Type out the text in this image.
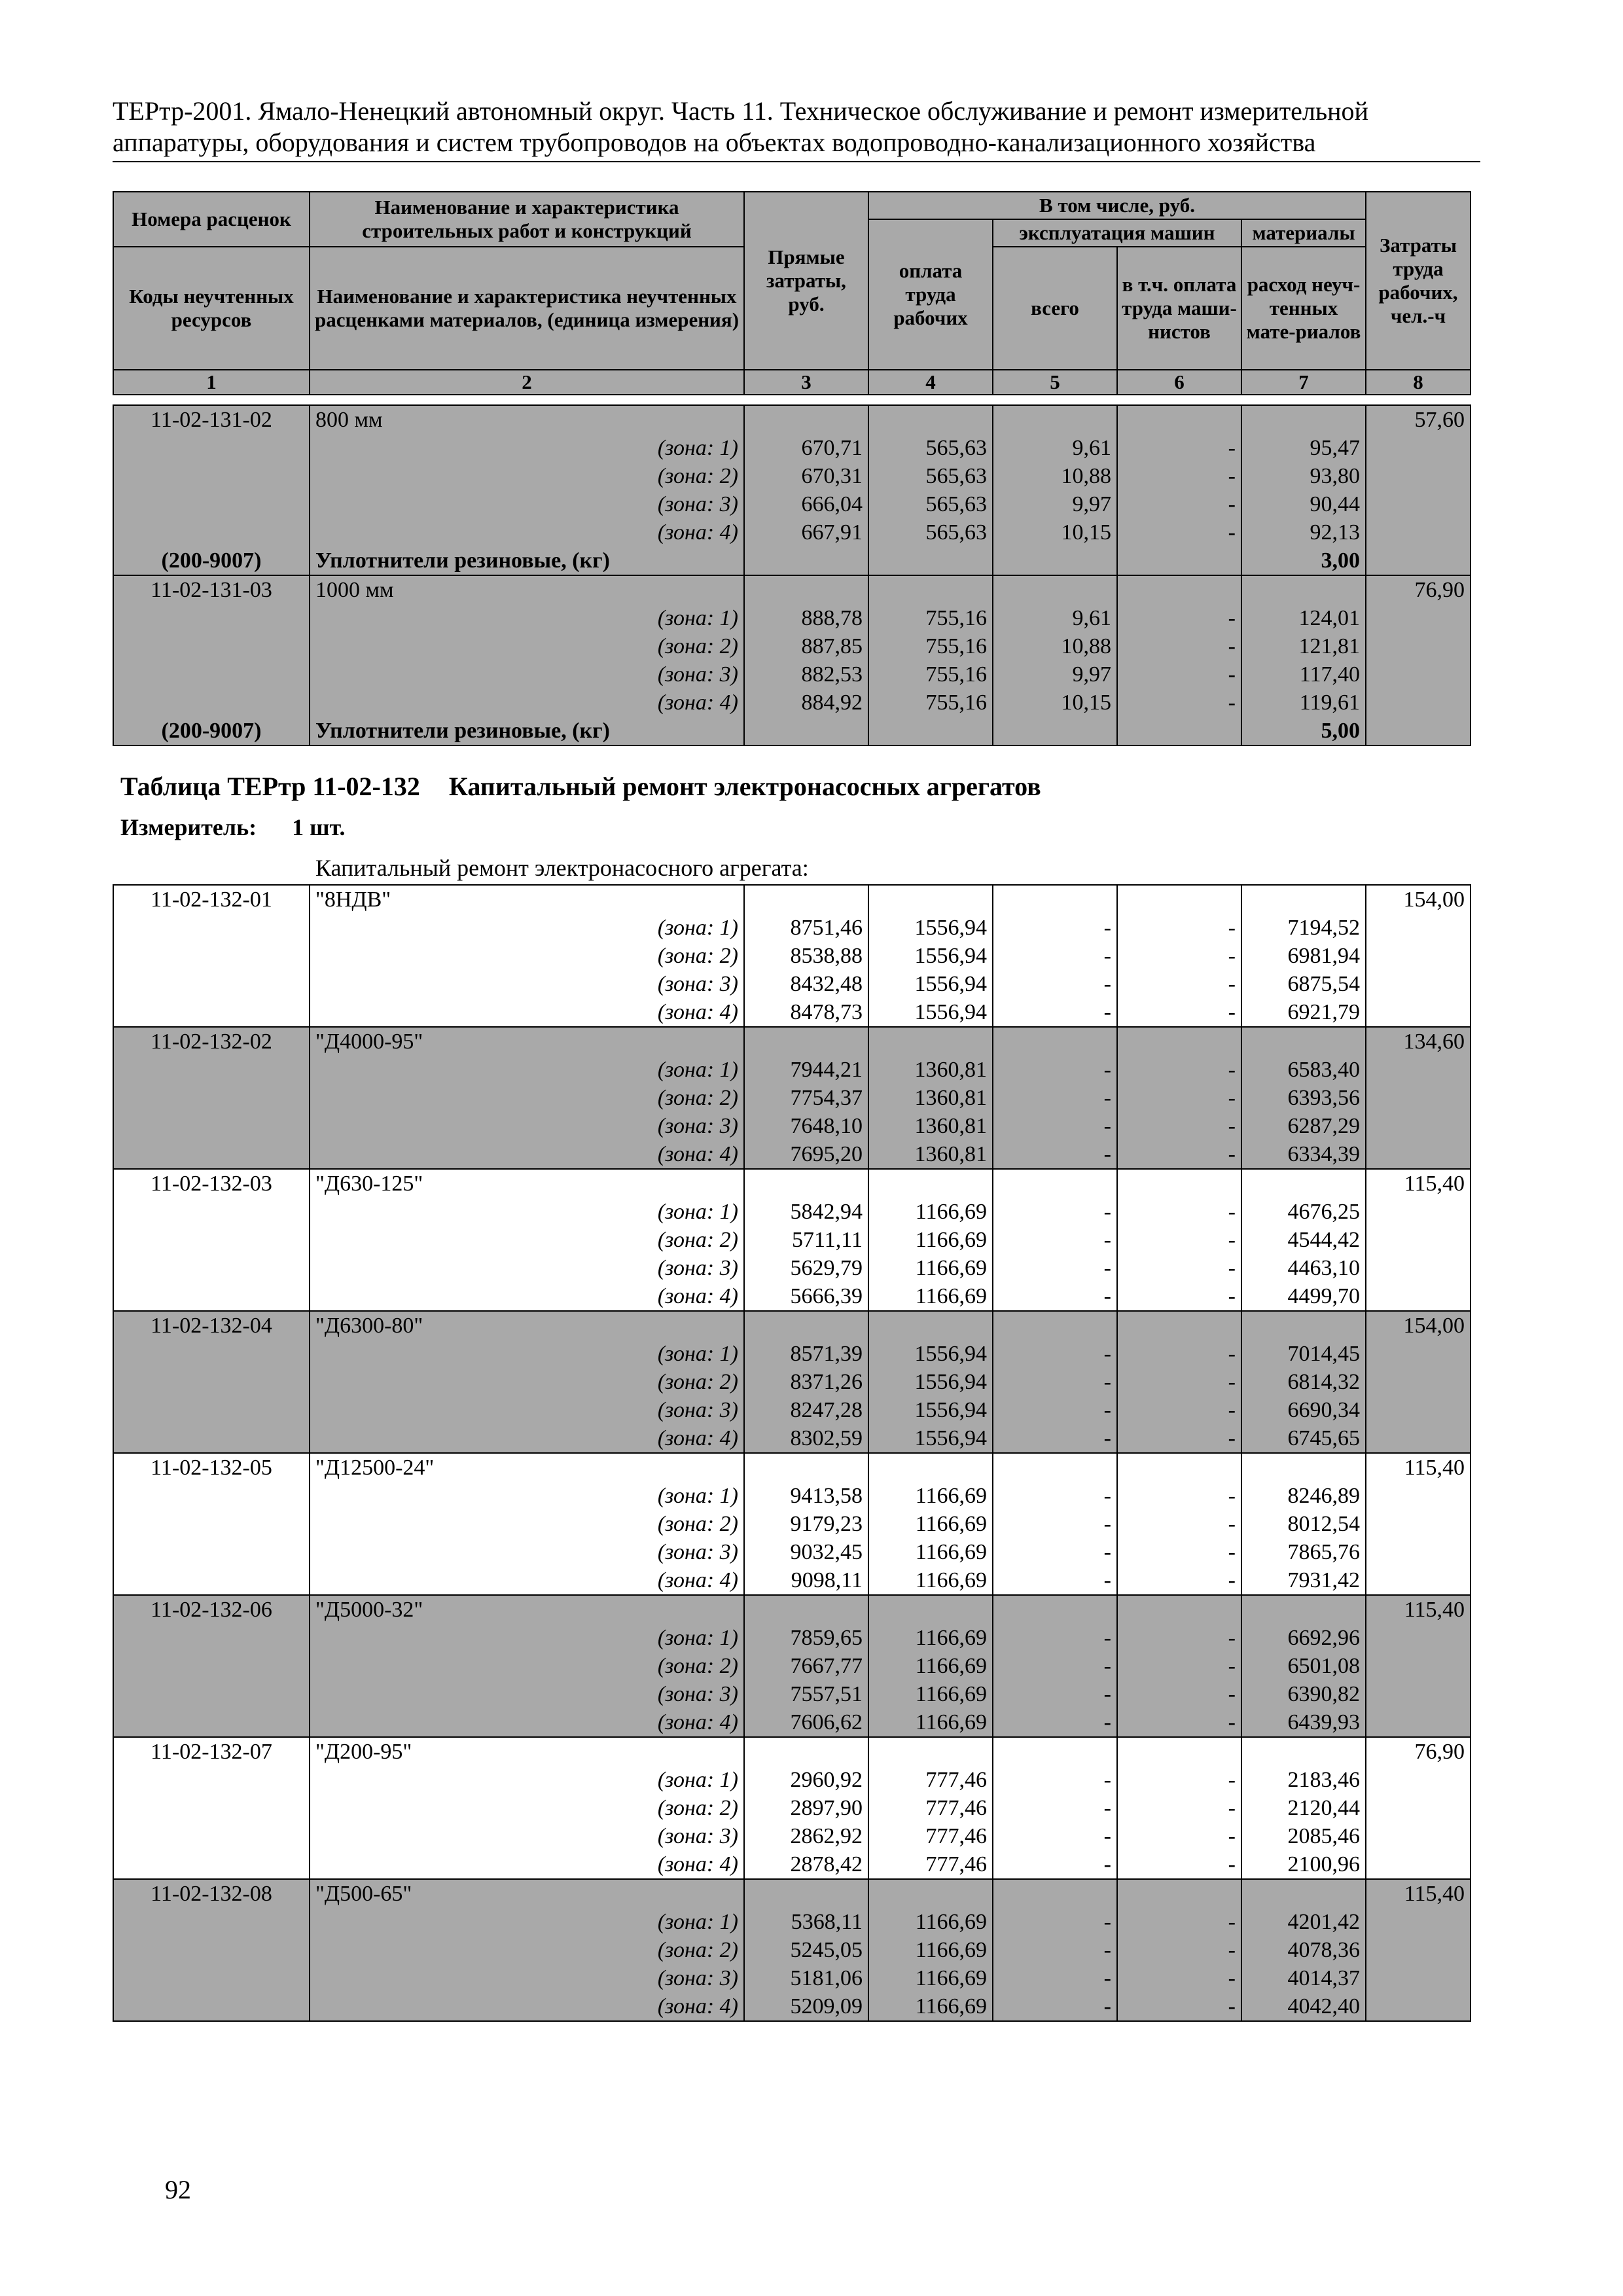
ТЕРтр-2001. Ямало-Ненецкий автономный округ. Часть 11. Техническое обслуживание и ремонт измерительной
аппаратуры, оборудования и систем трубопроводов на объектах водопроводно-канализационного хозяйства
Номера расценок	Наименование и характеристика строительных работ и конструкций	Прямые затраты, руб.	В том числе, руб.				Затраты труда рабочих, чел.-ч
			оплата труда рабочих	эксплуатация машин		материалы	
Коды неучтенных ресурсов	Наименование и характеристика неучтенных расценками материалов, (единица измерения)			всего	в т.ч. оплата труда маши-нистов	расход неуч-тенных мате-риалов	

1	2	3	4	5	6	7	8
11-02-131-02	800 мм						57,60
	(зона: 1)	670,71	565,63	9,61	-	95,47	
	(зона: 2)	670,31	565,63	10,88	-	93,80	
	(зона: 3)	666,04	565,63	9,97	-	90,44	
	(зона: 4)	667,91	565,63	10,15	-	92,13	
(200-9007)	Уплотнители резиновые, (кг)					3,00	
11-02-131-03	1000 мм						76,90
	(зона: 1)	888,78	755,16	9,61	-	124,01	
	(зона: 2)	887,85	755,16	10,88	-	121,81	
	(зона: 3)	882,53	755,16	9,97	-	117,40	
	(зона: 4)	884,92	755,16	10,15	-	119,61	
(200-9007)	Уплотнители резиновые, (кг)					5,00	
Таблица ТЕРтр 11-02-132 Капитальный ремонт электронасосных агрегатов
Измеритель: 1 шт.
Капитальный ремонт электронасосного агрегата:
11-02-132-01	"8НДВ"						154,00
	(зона: 1)	8751,46	1556,94	-	-	7194,52	
	(зона: 2)	8538,88	1556,94	-	-	6981,94	
	(зона: 3)	8432,48	1556,94	-	-	6875,54	
	(зона: 4)	8478,73	1556,94	-	-	6921,79	
11-02-132-02	"Д4000-95"						134,60
	(зона: 1)	7944,21	1360,81	-	-	6583,40	
	(зона: 2)	7754,37	1360,81	-	-	6393,56	
	(зона: 3)	7648,10	1360,81	-	-	6287,29	
	(зона: 4)	7695,20	1360,81	-	-	6334,39	
11-02-132-03	"Д630-125"						115,40
	(зона: 1)	5842,94	1166,69	-	-	4676,25	
	(зона: 2)	5711,11	1166,69	-	-	4544,42	
	(зона: 3)	5629,79	1166,69	-	-	4463,10	
	(зона: 4)	5666,39	1166,69	-	-	4499,70	
11-02-132-04	"Д6300-80"						154,00
	(зона: 1)	8571,39	1556,94	-	-	7014,45	
	(зона: 2)	8371,26	1556,94	-	-	6814,32	
	(зона: 3)	8247,28	1556,94	-	-	6690,34	
	(зона: 4)	8302,59	1556,94	-	-	6745,65	
11-02-132-05	"Д12500-24"						115,40
	(зона: 1)	9413,58	1166,69	-	-	8246,89	
	(зона: 2)	9179,23	1166,69	-	-	8012,54	
	(зона: 3)	9032,45	1166,69	-	-	7865,76	
	(зона: 4)	9098,11	1166,69	-	-	7931,42	
11-02-132-06	"Д5000-32"						115,40
	(зона: 1)	7859,65	1166,69	-	-	6692,96	
	(зона: 2)	7667,77	1166,69	-	-	6501,08	
	(зона: 3)	7557,51	1166,69	-	-	6390,82	
	(зона: 4)	7606,62	1166,69	-	-	6439,93	
11-02-132-07	"Д200-95"						76,90
	(зона: 1)	2960,92	777,46	-	-	2183,46	
	(зона: 2)	2897,90	777,46	-	-	2120,44	
	(зона: 3)	2862,92	777,46	-	-	2085,46	
	(зона: 4)	2878,42	777,46	-	-	2100,96	
11-02-132-08	"Д500-65"						115,40
	(зона: 1)	5368,11	1166,69	-	-	4201,42	
	(зона: 2)	5245,05	1166,69	-	-	4078,36	
	(зона: 3)	5181,06	1166,69	-	-	4014,37	
	(зона: 4)	5209,09	1166,69	-	-	4042,40	
92
